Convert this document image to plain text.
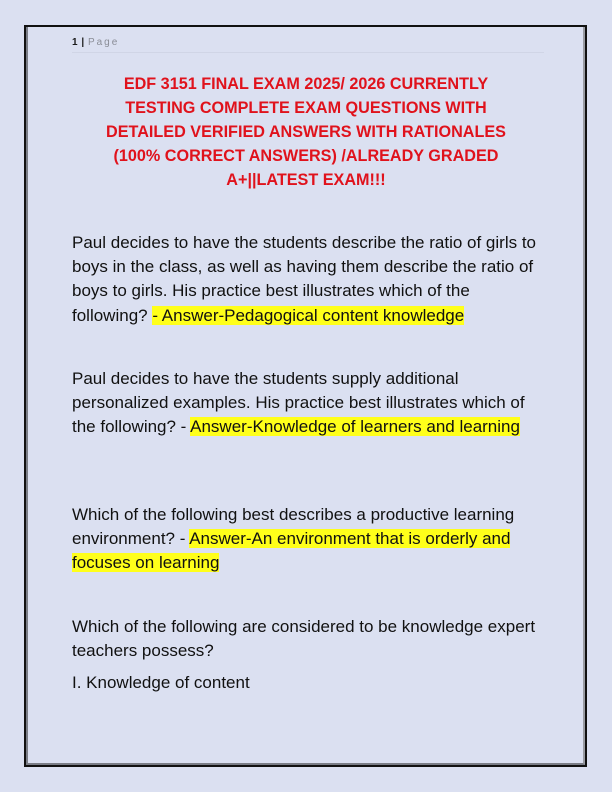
1 | Page
EDF 3151 FINAL EXAM 2025/ 2026 CURRENTLY
TESTING COMPLETE EXAM QUESTIONS WITH
DETAILED VERIFIED ANSWERS WITH RATIONALES
(100% CORRECT ANSWERS) /ALREADY GRADED
A+||LATEST EXAM!!!
Paul decides to have the students describe the ratio of girls to boys in the class, as well as having them describe the ratio of boys to girls. His practice best illustrates which of the following? - Answer-Pedagogical content knowledge
Paul decides to have the students supply additional personalized examples. His practice best illustrates which of the following? - Answer-Knowledge of learners and learning
Which of the following best describes a productive learning environment? - Answer-An environment that is orderly and focuses on learning
Which of the following are considered to be knowledge expert teachers possess?
I. Knowledge of content
